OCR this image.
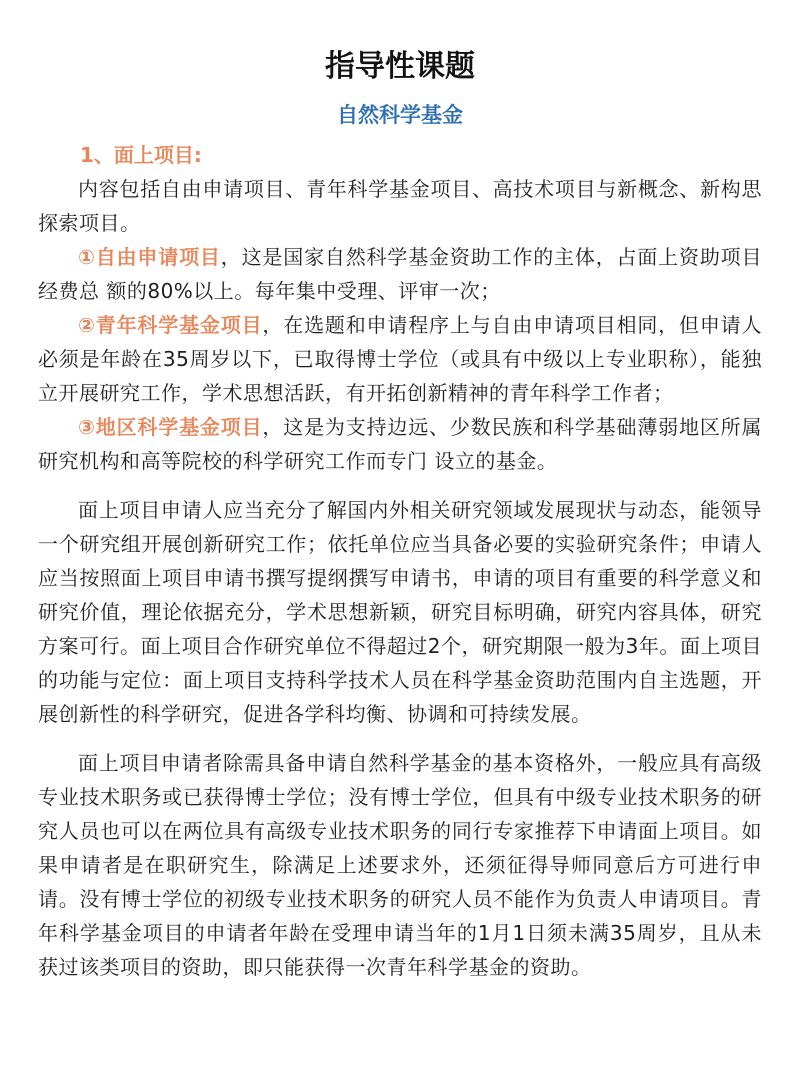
指导性课题
自然科学基金
1、面上项目:

内容包括自由申请项目、青年科学基金项目、高技术项目与新概念、新构思探索项目。

①自由申请项目，这是国家自然科学基金资助工作的主体，占面上资助项目经费总 额的80%以上。每年集中受理、评审一次；

②青年科学基金项目，在选题和申请程序上与自由申请项目相同，但申请人必须是年龄在35周岁以下，已取得博士学位（或具有中级以上专业职称），能独立开展研究工作，学术思想活跃，有开拓创新精神的青年科学工作者；

③地区科学基金项目，这是为支持边远、少数民族和科学基础薄弱地区所属研究机构和高等院校的科学研究工作而专门 设立的基金。

面上项目申请人应当充分了解国内外相关研究领域发展现状与动态，能领导一个研究组开展创新研究工作；依托单位应当具备必要的实验研究条件；申请人应当按照面上项目申请书撰写提纲撰写申请书，申请的项目有重要的科学意义和研究价值，理论依据充分，学术思想新颖，研究目标明确，研究内容具体，研究方案可行。面上项目合作研究单位不得超过2个，研究期限一般为3年。面上项目的功能与定位：面上项目支持科学技术人员在科学基金资助范围内自主选题，开展创新性的科学研究，促进各学科均衡、协调和可持续发展。

面上项目申请者除需具备申请自然科学基金的基本资格外，一般应具有高级专业技术职务或已获得博士学位；没有博士学位，但具有中级专业技术职务的研究人员也可以在两位具有高级专业技术职务的同行专家推荐下申请面上项目。如果申请者是在职研究生，除满足上述要求外，还须征得导师同意后方可进行申请。没有博士学位的初级专业技术职务的研究人员不能作为负责人申请项目。青年科学基金项目的申请者年龄在受理申请当年的1月1日须未满35周岁，且从未获过该类项目的资助，即只能获得一次青年科学基金的资助。
